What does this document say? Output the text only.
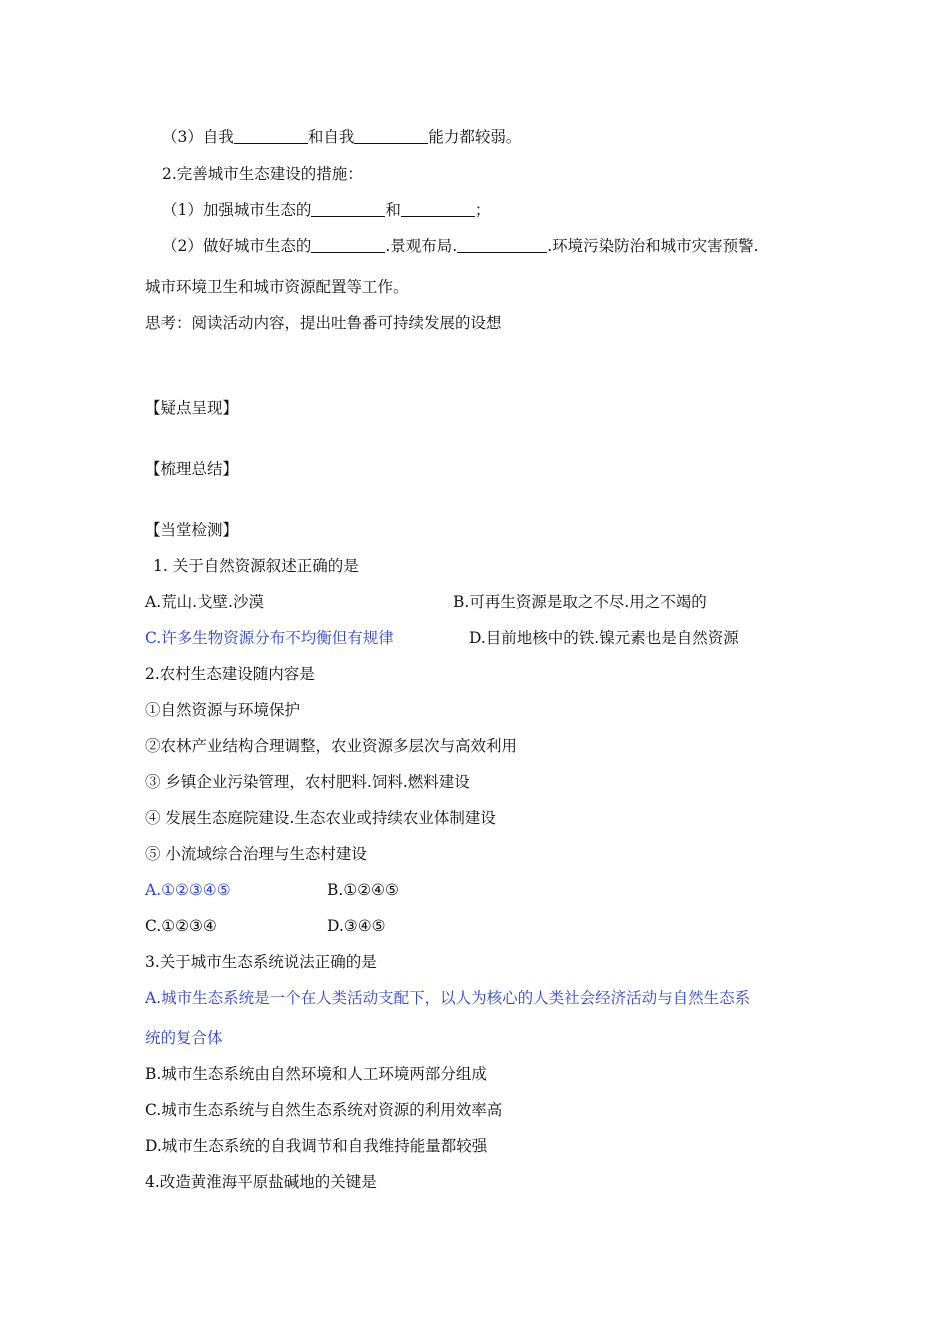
（3）自我	和自我	能力都较弱。
2.完善城市生态建设的措施：
（1）加强城市生态的	和	；
（2）做好城市生态的	.景观布局.	.环境污染防治和城市灾害预警.
城市环境卫生和城市资源配置等工作。
思考：阅读活动内容，提出吐鲁番可持续发展的设想
【疑点呈现】
【梳理总结】
【当堂检测】
1. 关于自然资源叙述正确的是
A.荒山.戈壁.沙漠	B.可再生资源是取之不尽.用之不竭的
C.许多生物资源分布不均衡但有规律	D.目前地核中的铁.镍元素也是自然资源
2.农村生态建设随内容是
①自然资源与环境保护
②农林产业结构合理调整，农业资源多层次与高效利用
③ 乡镇企业污染管理，农村肥料.饲料.燃料建设
④ 发展生态庭院建设.生态农业或持续农业体制建设
⑤ 小流域综合治理与生态村建设
A.①②③④⑤	B.①②④⑤
C.①②③④	D.③④⑤
3.关于城市生态系统说法正确的是
A.城市生态系统是一个在人类活动支配下，以人为核心的人类社会经济活动与自然生态系
统的复合体
B.城市生态系统由自然环境和人工环境两部分组成
C.城市生态系统与自然生态系统对资源的利用效率高
D.城市生态系统的自我调节和自我维持能量都较强
4.改造黄淮海平原盐碱地的关键是
